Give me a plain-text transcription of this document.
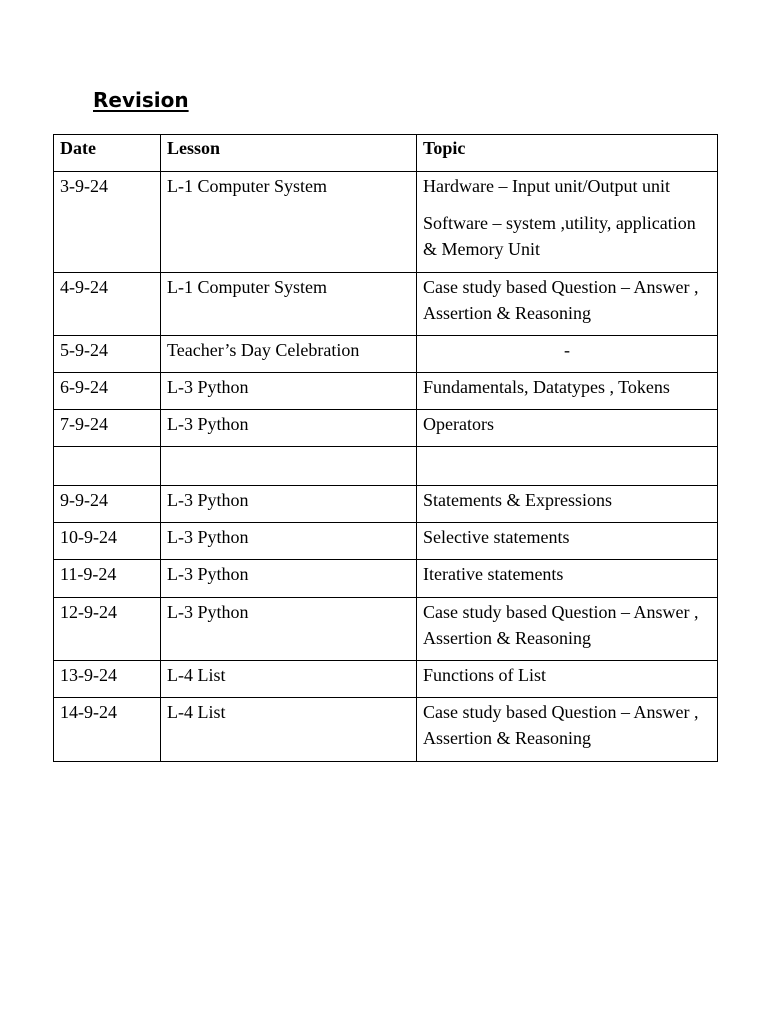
Revision
Date	Lesson	Topic

3-9-24	L-1 Computer System	Hardware – Input unit/Output unit
Software – system ,utility, application & Memory Unit

4-9-24	L-1 Computer System	Case study based Question – Answer , Assertion & Reasoning

5-9-24	Teacher’s Day Celebration	-

6-9-24	L-3 Python	Fundamentals, Datatypes , Tokens

7-9-24	L-3 Python	Operators

9-9-24	L-3 Python	Statements & Expressions

10-9-24	L-3 Python	Selective statements

11-9-24	L-3 Python	Iterative statements

12-9-24	L-3 Python	Case study based Question – Answer , Assertion & Reasoning

13-9-24	L-4 List	Functions of List

14-9-24	L-4 List	Case study based Question – Answer , Assertion & Reasoning
